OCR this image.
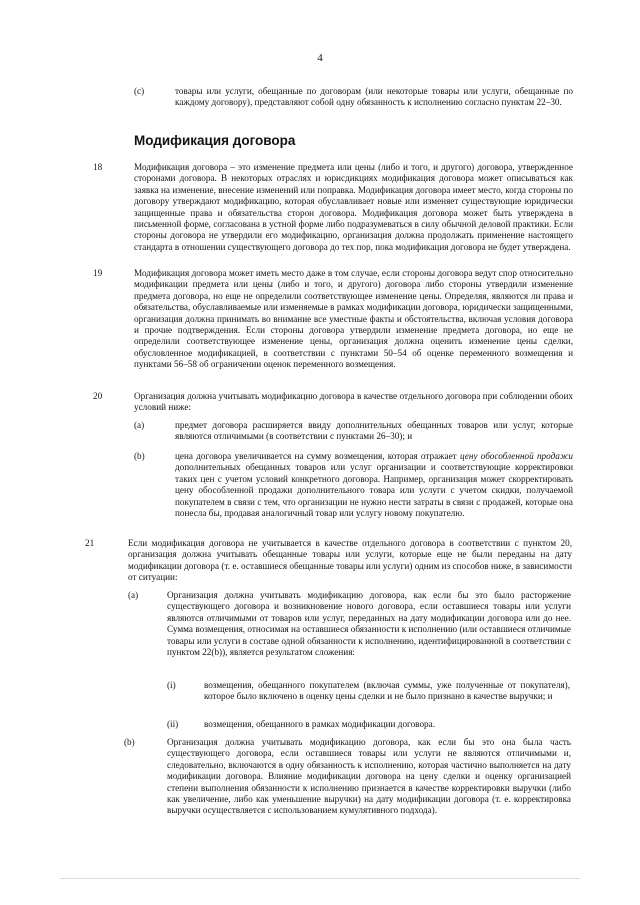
4
(c)	товары или услуги, обещанные по договорам (или некоторые товары или услуги, обещанные по каждому договору), представляют собой одну обязанность к исполнению согласно пунктам 22–30.

Модификация договора
18	Модификация договора – это изменение предмета или цены (либо и того, и другого) договора, утвержденное сторонами договора. В некоторых отраслях и юрисдикциях модификация договора может описываться как заявка на изменение, внесение изменений или поправка. Модификация договора имеет место, когда стороны по договору утверждают модификацию, которая обуславливает новые или изменяет существующие юридически защищенные права и обязательства сторон договора. Модификация договора может быть утверждена в письменной форме, согласована в устной форме либо подразумеваться в силу обычной деловой практики. Если стороны договора не утвердили его модификацию, организация должна продолжать применение настоящего стандарта в отношении существующего договора до тех пор, пока модификация договора не будет утверждена.

19	Модификация договора может иметь место даже в том случае, если стороны договора ведут спор относительно модификации предмета или цены (либо и того, и другого) договора либо стороны утвердили изменение предмета договора, но еще не определили соответствующее изменение цены. Определяя, являются ли права и обязательства, обуславливаемые или изменяемые в рамках модификации договора, юридически защищенными, организация должна принимать во внимание все уместные факты и обстоятельства, включая условия договора и прочие подтверждения. Если стороны договора утвердили изменение предмета договора, но еще не определили соответствующее изменение цены, организация должна оценить изменение цены сделки, обусловленное модификацией, в соответствии с пунктами 50–54 об оценке переменного возмещения и пунктами 56–58 об ограничении оценок переменного возмещения.

20	Организация должна учитывать модификацию договора в качестве отдельного договора при соблюдении обоих условий ниже:

(a)	предмет договора расширяется ввиду дополнительных обещанных товаров или услуг, которые являются отличимыми (в соответствии с пунктами 26–30); и

(b)	цена договора увеличивается на сумму возмещения, которая отражает цену обособленной продажи дополнительных обещанных товаров или услуг организации и соответствующие корректировки таких цен с учетом условий конкретного договора. Например, организация может скорректировать цену обособленной продажи дополнительного товара или услуги с учетом скидки, получаемой покупателем в связи с тем, что организации не нужно нести затраты в связи с продажей, которые она понесла бы, продавая аналогичный товар или услугу новому покупателю.

21	Если модификация договора не учитывается в качестве отдельного договора в соответствии с пунктом 20, организация должна учитывать обещанные товары или услуги, которые еще не были переданы на дату модификации договора (т. е. оставшиеся обещанные товары или услуги) одним из способов ниже, в зависимости от ситуации:

(a)	Организация должна учитывать модификацию договора, как если бы это было расторжение существующего договора и возникновение нового договора, если оставшиеся товары или услуги являются отличимыми от товаров или услуг, переданных на дату модификации договора или до нее. Сумма возмещения, относимая на оставшиеся обязанности к исполнению (или оставшиеся отличимые товары или услуги в составе одной обязанности к исполнению, идентифицированной в соответствии с пунктом 22(b)), является результатом сложения:

(i)	возмещения, обещанного покупателем (включая суммы, уже полученные от покупателя), которое было включено в оценку цены сделки и не было признано в качестве выручки; и

(ii)	возмещения, обещанного в рамках модификации договора.

(b)	Организация должна учитывать модификацию договора, как если бы это она была часть существующего договора, если оставшиеся товары или услуги не являются отличимыми и, следовательно, включаются в одну обязанность к исполнению, которая частично выполняется на дату модификации договора. Влияние модификации договора на цену сделки и оценку организацией степени выполнения обязанности к исполнению признается в качестве корректировки выручки (либо как увеличение, либо как уменьшение выручки) на дату модификации договора (т. е. корректировка выручки осуществляется с использованием кумулятивного подхода).
